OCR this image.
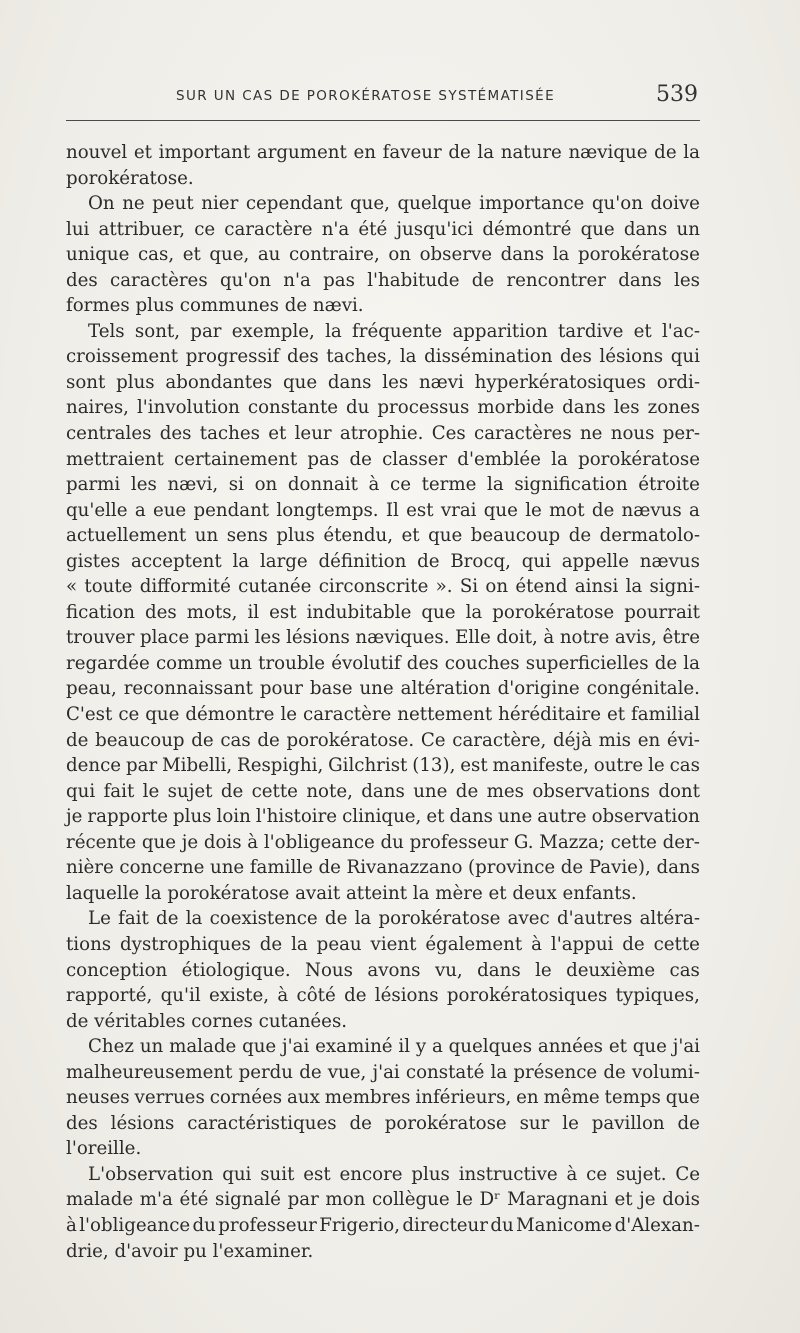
SUR UN CAS DE POROKÉRATOSE SYSTÉMATISÉE	539
nouvel et important argument en faveur de la nature nævique de la
porokératose.
On ne peut nier cependant que, quelque importance qu'on doive
lui attribuer, ce caractère n'a été jusqu'ici démontré que dans un
unique cas, et que, au contraire, on observe dans la porokératose
des caractères qu'on n'a pas l'habitude de rencontrer dans les
formes plus communes de nævi.
Tels sont, par exemple, la fréquente apparition tardive et l'ac-
croissement progressif des taches, la dissémination des lésions qui
sont plus abondantes que dans les nævi hyperkératosiques ordi-
naires, l'involution constante du processus morbide dans les zones
centrales des taches et leur atrophie. Ces caractères ne nous per-
mettraient certainement pas de classer d'emblée la porokératose
parmi les nævi, si on donnait à ce terme la signification étroite
qu'elle a eue pendant longtemps. Il est vrai que le mot de nævus a
actuellement un sens plus étendu, et que beaucoup de dermatolo-
gistes acceptent la large définition de Brocq, qui appelle nævus
« toute difformité cutanée circonscrite ». Si on étend ainsi la signi-
fication des mots, il est indubitable que la porokératose pourrait
trouver place parmi les lésions næviques. Elle doit, à notre avis, être
regardée comme un trouble évolutif des couches superficielles de la
peau, reconnaissant pour base une altération d'origine congénitale.
C'est ce que démontre le caractère nettement héréditaire et familial
de beaucoup de cas de porokératose. Ce caractère, déjà mis en évi-
dence par Mibelli, Respighi, Gilchrist (13), est manifeste, outre le cas
qui fait le sujet de cette note, dans une de mes observations dont
je rapporte plus loin l'histoire clinique, et dans une autre observation
récente que je dois à l'obligeance du professeur G. Mazza; cette der-
nière concerne une famille de Rivanazzano (province de Pavie), dans
laquelle la porokératose avait atteint la mère et deux enfants.
Le fait de la coexistence de la porokératose avec d'autres altéra-
tions dystrophiques de la peau vient également à l'appui de cette
conception étiologique. Nous avons vu, dans le deuxième cas
rapporté, qu'il existe, à côté de lésions porokératosiques typiques,
de véritables cornes cutanées.
Chez un malade que j'ai examiné il y a quelques années et que j'ai
malheureusement perdu de vue, j'ai constaté la présence de volumi-
neuses verrues cornées aux membres inférieurs, en même temps que
des lésions caractéristiques de porokératose sur le pavillon de
l'oreille.
L'observation qui suit est encore plus instructive à ce sujet. Ce
malade m'a été signalé par mon collègue le Dʳ Maragnani et je dois
à l'obligeance du professeur Frigerio, directeur du Manicome d'Alexan-
drie, d'avoir pu l'examiner.
